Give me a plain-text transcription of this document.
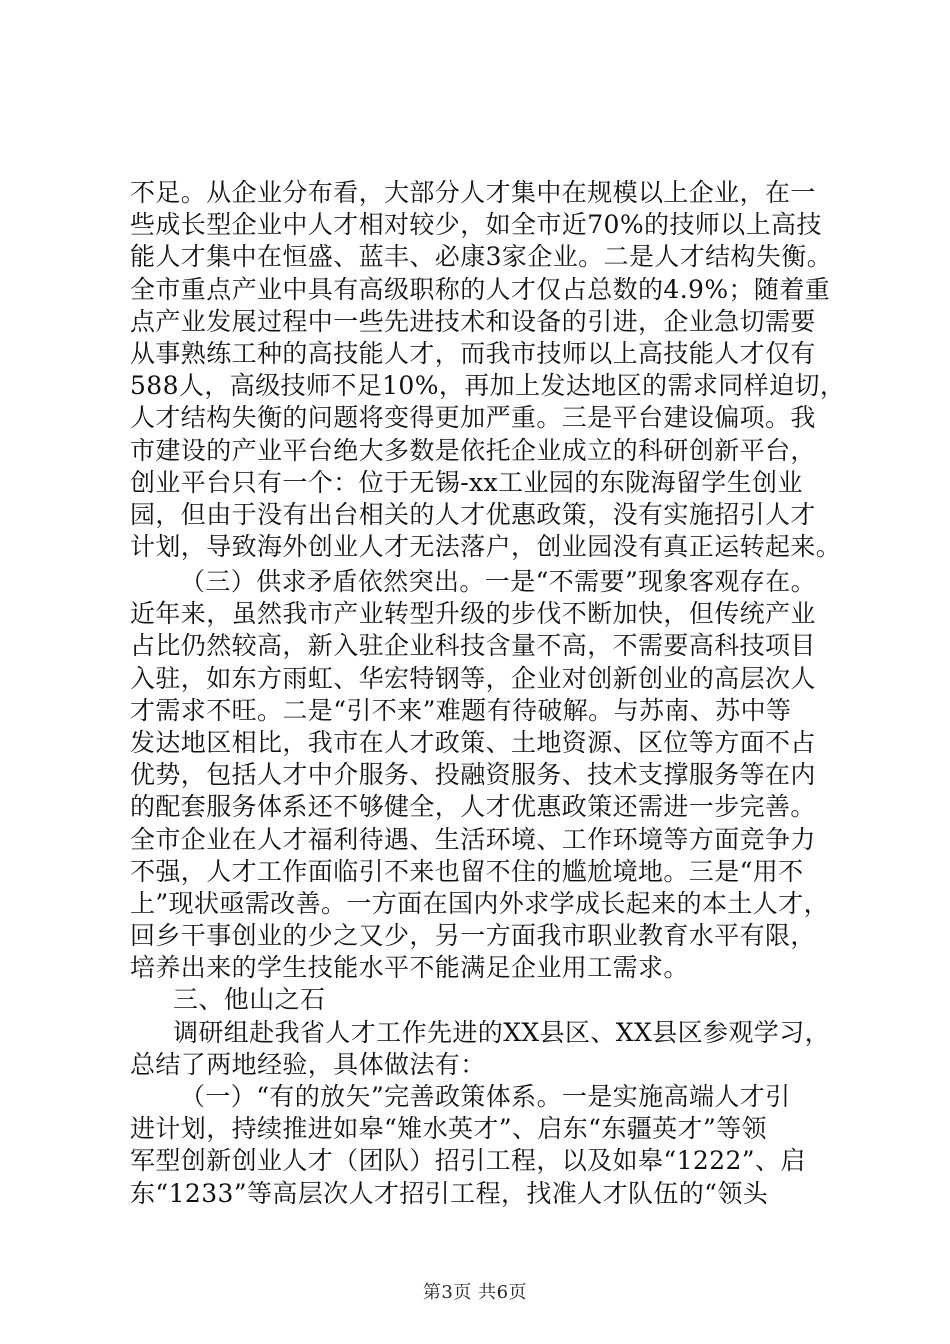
不足。从企业分布看，大部分人才集中在规模以上企业，在一
些成长型企业中人才相对较少，如全市近70%的技师以上高技
能人才集中在恒盛、蓝丰、必康3家企业。二是人才结构失衡。
全市重点产业中具有高级职称的人才仅占总数的4.9%；随着重
点产业发展过程中一些先进技术和设备的引进，企业急切需要
从事熟练工种的高技能人才，而我市技师以上高技能人才仅有
588人，高级技师不足10%，再加上发达地区的需求同样迫切，
人才结构失衡的问题将变得更加严重。三是平台建设偏项。我
市建设的产业平台绝大多数是依托企业成立的科研创新平台，
创业平台只有一个：位于无锡-xx工业园的东陇海留学生创业
园，但由于没有出台相关的人才优惠政策，没有实施招引人才
计划，导致海外创业人才无法落户，创业园没有真正运转起来。
（三）供求矛盾依然突出。一是“不需要”现象客观存在。
近年来，虽然我市产业转型升级的步伐不断加快，但传统产业
占比仍然较高，新入驻企业科技含量不高，不需要高科技项目
入驻，如东方雨虹、华宏特钢等，企业对创新创业的高层次人
才需求不旺。二是“引不来”难题有待破解。与苏南、苏中等
发达地区相比，我市在人才政策、土地资源、区位等方面不占
优势，包括人才中介服务、投融资服务、技术支撑服务等在内
的配套服务体系还不够健全，人才优惠政策还需进一步完善。
全市企业在人才福利待遇、生活环境、工作环境等方面竞争力
不强，人才工作面临引不来也留不住的尴尬境地。三是“用不
上”现状亟需改善。一方面在国内外求学成长起来的本土人才，
回乡干事创业的少之又少，另一方面我市职业教育水平有限，
培养出来的学生技能水平不能满足企业用工需求。
三、他山之石
调研组赴我省人才工作先进的XX县区、XX县区参观学习，
总结了两地经验，具体做法有：
（一）“有的放矢”完善政策体系。一是实施高端人才引
进计划，持续推进如皋“雉水英才”、启东“东疆英才”等领
军型创新创业人才（团队）招引工程，以及如皋“1222”、启
东“1233”等高层次人才招引工程，找准人才队伍的“领头
第3页 共6页
